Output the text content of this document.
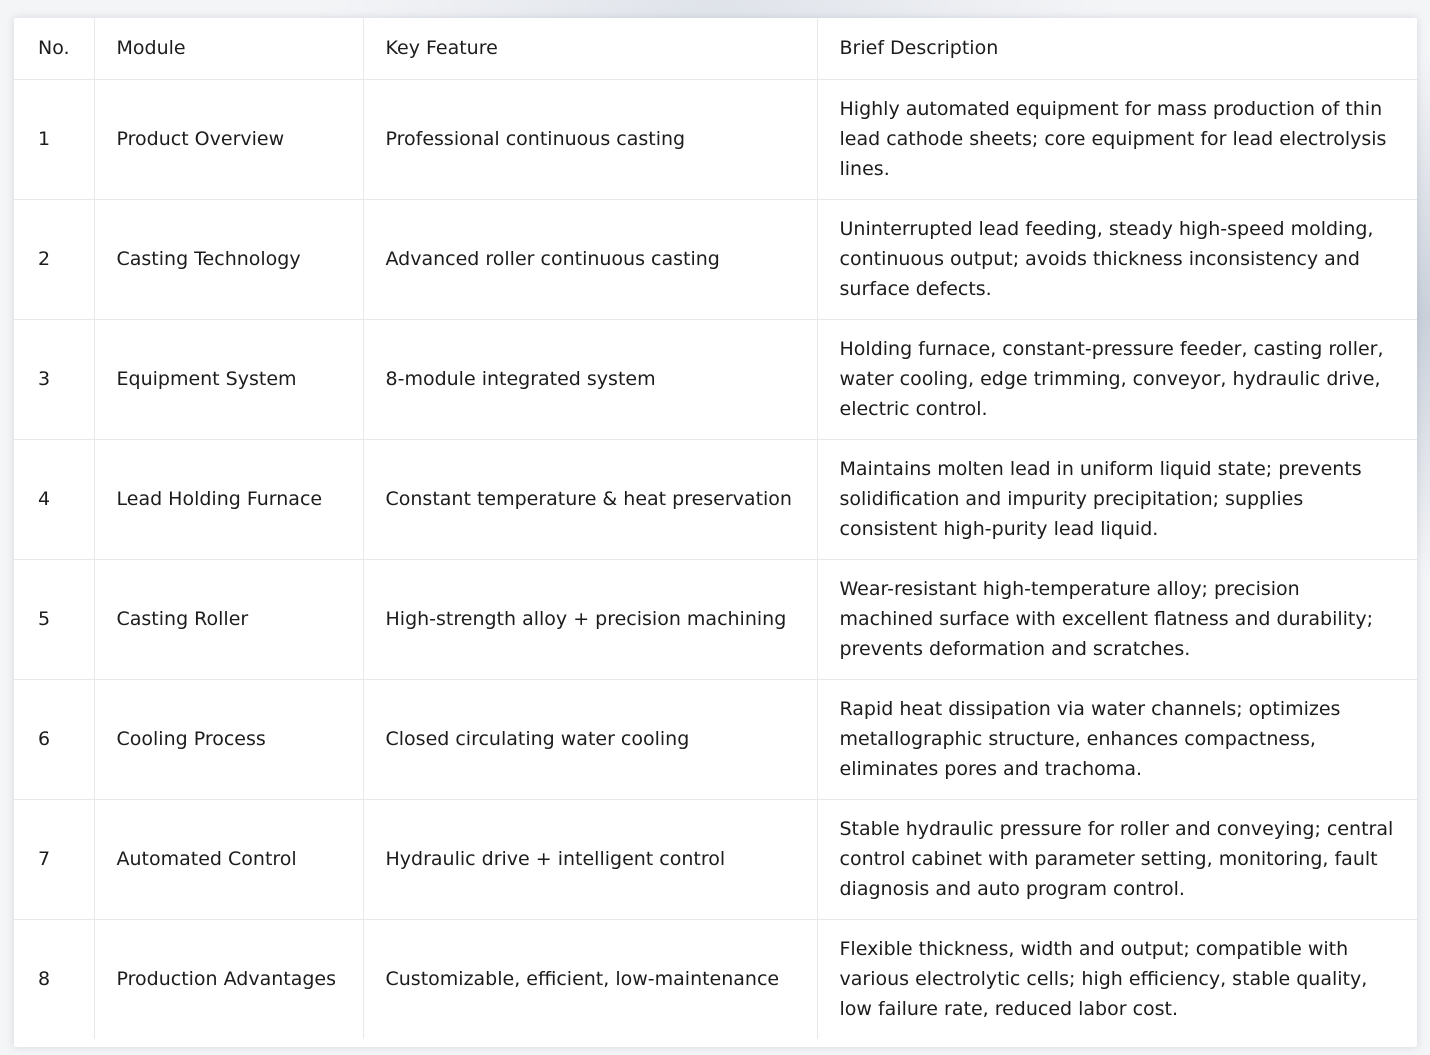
No.	Module	Key Feature	Brief Description
1	Product Overview	Professional continuous casting	Highly automated equipment for mass production of thin lead cathode sheets; core equipment for lead electrolysis lines.
2	Casting Technology	Advanced roller continuous casting	Uninterrupted lead feeding, steady high-speed molding, continuous output; avoids thickness inconsistency and surface defects.
3	Equipment System	8-module integrated system	Holding furnace, constant-pressure feeder, casting roller, water cooling, edge trimming, conveyor, hydraulic drive, electric control.
4	Lead Holding Furnace	Constant temperature & heat preservation	Maintains molten lead in uniform liquid state; prevents solidification and impurity precipitation; supplies consistent high-purity lead liquid.
5	Casting Roller	High-strength alloy + precision machining	Wear-resistant high-temperature alloy; precision machined surface with excellent flatness and durability; prevents deformation and scratches.
6	Cooling Process	Closed circulating water cooling	Rapid heat dissipation via water channels; optimizes metallographic structure, enhances compactness, eliminates pores and trachoma.
7	Automated Control	Hydraulic drive + intelligent control	Stable hydraulic pressure for roller and conveying; central control cabinet with parameter setting, monitoring, fault diagnosis and auto program control.
8	Production Advantages	Customizable, efficient, low-maintenance	Flexible thickness, width and output; compatible with various electrolytic cells; high efficiency, stable quality, low failure rate, reduced labor cost.
